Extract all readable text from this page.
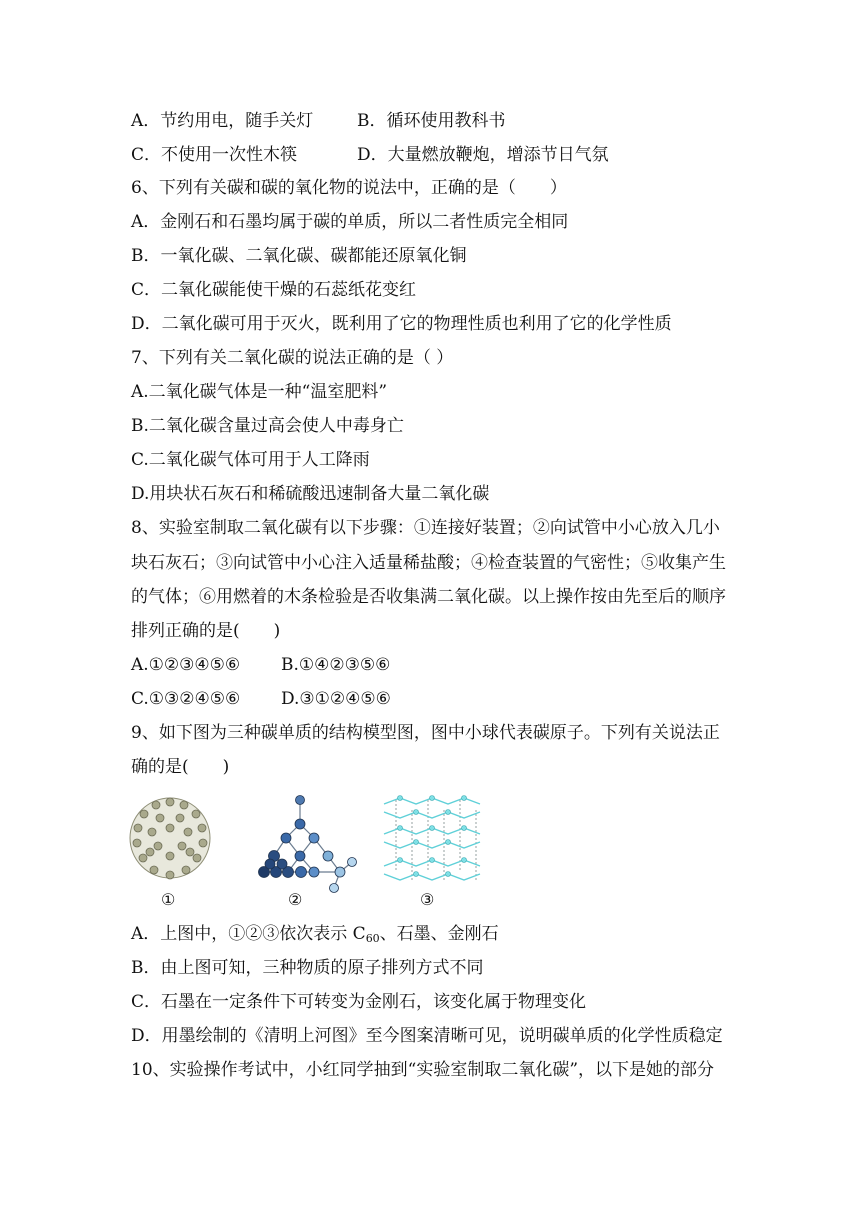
A．节约用电，随手关灯	B．循环使用教科书
C．不使用一次性木筷	D．大量燃放鞭炮，增添节日气氛
6、下列有关碳和碳的氧化物的说法中，正确的是（　　）
A．金刚石和石墨均属于碳的单质，所以二者性质完全相同
B．一氧化碳、二氧化碳、碳都能还原氧化铜
C．二氧化碳能使干燥的石蕊纸花变红
D．二氧化碳可用于灭火，既利用了它的物理性质也利用了它的化学性质
7、下列有关二氧化碳的说法正确的是（ ）
A.二氧化碳气体是一种“温室肥料”
B.二氧化碳含量过高会使人中毒身亡
C.二氧化碳气体可用于人工降雨
D.用块状石灰石和稀硫酸迅速制备大量二氧化碳
8、实验室制取二氧化碳有以下步骤：①连接好装置；②向试管中小心放入几小
块石灰石；③向试管中小心注入适量稀盐酸；④检查装置的气密性；⑤收集产生
的气体；⑥用燃着的木条检验是否收集满二氧化碳。以上操作按由先至后的顺序
排列正确的是(　　)
A.①②③④⑤⑥ B.①④②③⑤⑥
C.①③②④⑤⑥ D.③①②④⑤⑥
9、如下图为三种碳单质的结构模型图，图中小球代表碳原子。下列有关说法正
确的是(　　)
①	②	③
A．上图中，①②③依次表示 $C_{60}$、石墨、金刚石
B．由上图可知，三种物质的原子排列方式不同
C．石墨在一定条件下可转变为金刚石，该变化属于物理变化
D．用墨绘制的《清明上河图》至今图案清晰可见，说明碳单质的化学性质稳定
10、实验操作考试中，小红同学抽到“实验室制取二氧化碳”，以下是她的部分
